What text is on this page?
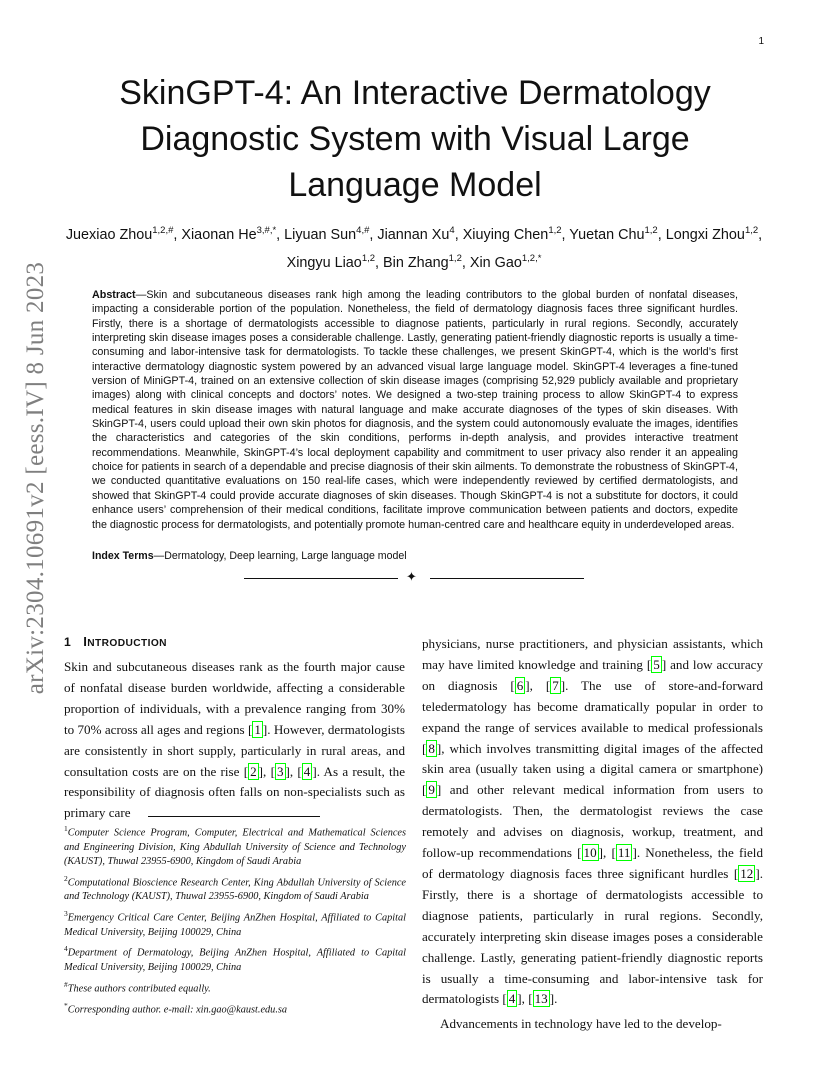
1
arXiv:2304.10691v2 [eess.IV] 8 Jun 2023
SkinGPT-4: An Interactive Dermatology Diagnostic System with Visual Large Language Model
Juexiao Zhou$^{1,2,\#}$, Xiaonan $He^{3,\#,*}$, Liyuan Sun$^{4,\#}$, Jiannan Xu$^4$, Xiuying Chen$^{1,2}$, Yuetan Chu$^{1,2}$, Longxi Zhou$^{1,2}$, Xingyu Liao$^{1,2}$, Bin Zhang$^{1,2}$, Xin Gao$^{1,2,*}$

Abstract—Skin and subcutaneous diseases rank high among the leading contributors to the global burden of nonfatal diseases, impacting a considerable portion of the population. Nonetheless, the field of dermatology diagnosis faces three significant hurdles. Firstly, there is a shortage of dermatologists accessible to diagnose patients, particularly in rural regions. Secondly, accurately interpreting skin disease images poses a considerable challenge. Lastly, generating patient-friendly diagnostic reports is usually a time-consuming and labor-intensive task for dermatologists. To tackle these challenges, we present SkinGPT-4, which is the world’s first interactive dermatology diagnostic system powered by an advanced visual large language model. SkinGPT-4 leverages a fine-tuned version of MiniGPT-4, trained on an extensive collection of skin disease images (comprising 52,929 publicly available and proprietary images) along with clinical concepts and doctors’ notes. We designed a two-step training process to allow SkinGPT-4 to express medical features in skin disease images with natural language and make accurate diagnoses of the types of skin diseases. With SkinGPT-4, users could upload their own skin photos for diagnosis, and the system could autonomously evaluate the images, identifies the characteristics and categories of the skin conditions, performs in-depth analysis, and provides interactive treatment recommendations. Meanwhile, SkinGPT-4’s local deployment capability and commitment to user privacy also render it an appealing choice for patients in search of a dependable and precise diagnosis of their skin ailments. To demonstrate the robustness of SkinGPT-4, we conducted quantitative evaluations on 150 real-life cases, which were independently reviewed by certified dermatologists, and showed that SkinGPT-4 could provide accurate diagnoses of skin diseases. Though SkinGPT-4 is not a substitute for doctors, it could enhance users’ comprehension of their medical conditions, facilitate improve communication between patients and doctors, expedite the diagnostic process for dermatologists, and potentially promote human-centred care and healthcare equity in underdeveloped areas.

Index Terms—Dermatology, Deep learning, Large language model

✦
1 INTRODUCTION

Skin and subcutaneous diseases rank as the fourth major cause of nonfatal disease burden worldwide, affecting a considerable proportion of individuals, with a prevalence ranging from 30% to 70% across all ages and regions [ 1 ]. However, dermatologists are consistently in short supply, particularly in rural areas, and consultation costs are on the rise [ 2 ], [ 3 ], [ 4 ]. As a result, the responsibility of diagnosis often falls on non-specialists such as primary care

physicians, nurse practitioners, and physician assistants, which may have limited knowledge and training [ 5 ] and low accuracy on diagnosis [ 6 ], [ 7 ]. The use of store-and-forward teledermatology has become dramatically popular in order to expand the range of services available to medical professionals [ 8 ], which involves transmitting digital images of the affected skin area (usually taken using a digital camera or smartphone) [ 9 ] and other relevant medical information from users to dermatologists. Then, the dermatologist reviews the case remotely and advises on diagnosis, workup, treatment, and follow-up recommendations [ 10 ], [ 11 ]. Nonetheless, the field of dermatology diagnosis faces three significant hurdles [ 12 ]. Firstly, there is a shortage of dermatologists accessible to diagnose patients, particularly in rural regions. Secondly, accurately interpreting skin disease images poses a considerable challenge. Lastly, generating patient-friendly diagnostic reports is usually a time-consuming and labor-intensive task for dermatologists [ 4 ], [ 13 ].

Advancements in technology have led to the develop-

$^1$Computer Science Program, Computer, Electrical and Mathematical Sciences and Engineering Division, King Abdullah University of Science and Technology (KAUST), Thuwal 23955-6900, Kingdom of Saudi Arabia

$^2$Computational Bioscience Research Center, King Abdullah University of Science and Technology (KAUST), Thuwal 23955-6900, Kingdom of Saudi Arabia

$^3$Emergency Critical Care Center, Beijing AnZhen Hospital, Affiliated to Capital Medical University, Beijing 100029, China

$^4$Department of Dermatology, Beijing AnZhen Hospital, Affiliated to Capital Medical University, Beijing 100029, China

#These authors contributed equally.

*Corresponding author. e-mail: xin.gao@kaust.edu.sa
